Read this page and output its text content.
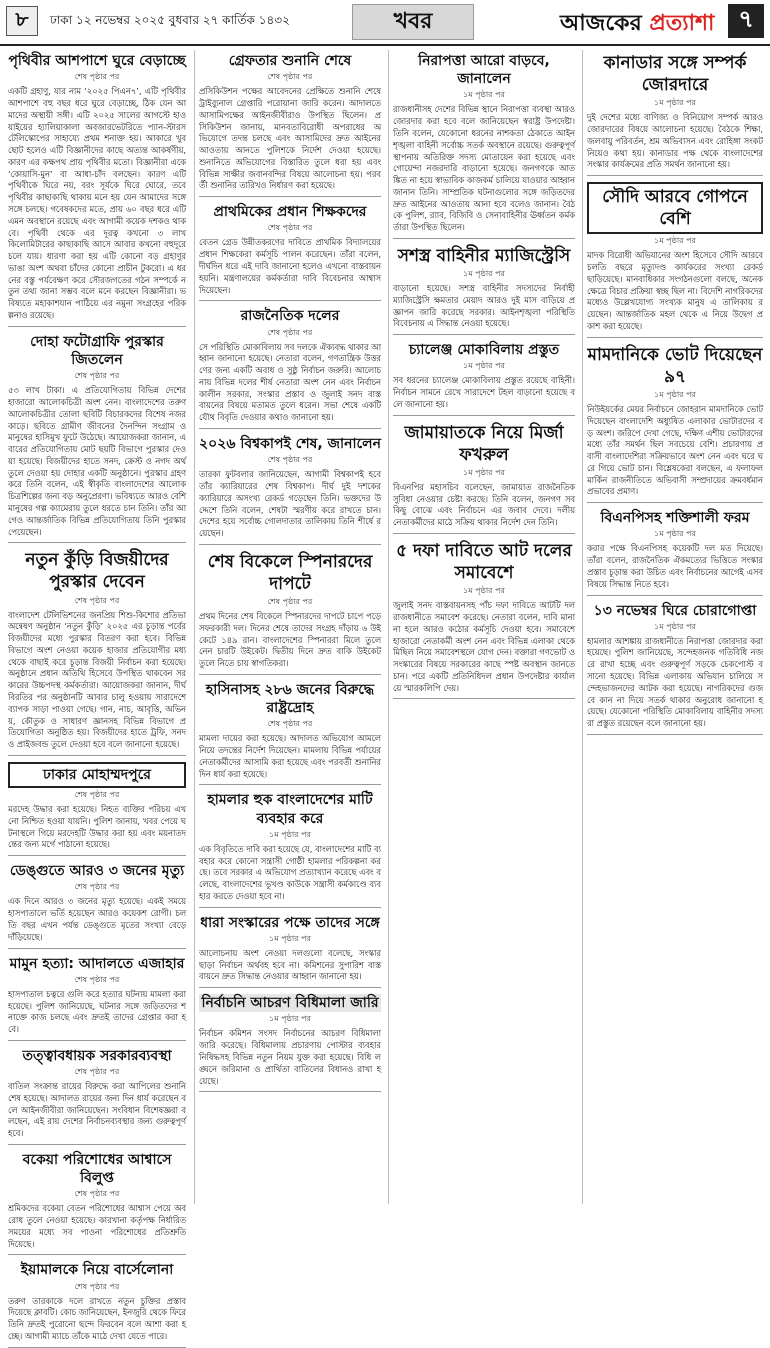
৮	ঢাকা ১২ নভেম্বর ২০২৫ বুধবার ২৭ কার্তিক ১৪৩২	খবর	আজকের প্রত্যাশা ৭
পৃথিবীর আশপাশে ঘুরে বেড়াচ্ছে
শেষ পৃষ্ঠার পর
একটি গ্রহাণু, যার নাম ‘২০২৫ পিএন৭’, এটি পৃথিবীর আশপাশে বহু বছর ধরে ঘুরে বেড়াচ্ছে, ঠিক যেন আমাদের অস্থায়ী সঙ্গী। এটি ২০২৫ সালের আগস্টে হাওয়াইয়ের হ্যালিয়াকালা অবজারভেটরিতে প্যান-স্টারস টেলিস্কোপের সাহায্যে প্রথম শনাক্ত হয়। আকারে খুব ছোট হলেও এটি বিজ্ঞানীদের কাছে অত্যন্ত আকর্ষণীয়, কারণ এর কক্ষপথ প্রায় পৃথিবীর মতো। বিজ্ঞানীরা একে ‘কোয়াসি-মুন’ বা আধা-চাঁদ বলছেন। কারণ এটি পৃথিবীকে ঘিরে নয়, বরং সূর্যকে ঘিরে ঘোরে, তবে পৃথিবীর কাছাকাছি থাকায় মনে হয় যেন আমাদের সঙ্গে সঙ্গে চলছে। গবেষকদের মতে, প্রায় ৬০ বছর ধরে এটি এমন অবস্থানে রয়েছে এবং আগামী কয়েক দশকও থাকবে। পৃথিবী থেকে এর দূরত্ব কখনো ৩ লাখ কিলোমিটারের কাছাকাছি আসে আবার কখনো বহুদূরে চলে যায়। ধারণা করা হয় এটি কোনো বড় গ্রহাণুর ভাঙা অংশ অথবা চাঁদের কোনো প্রাচীন টুকরো। এ ধরনের বস্তু পর্যবেক্ষণ করে সৌরজগতের গঠন সম্পর্কে নতুন তথ্য জানা সম্ভব বলে মনে করছেন বিজ্ঞানীরা। ভবিষ্যতে মহাকাশযান পাঠিয়ে এর নমুনা সংগ্রহের পরিকল্পনাও রয়েছে।
দোহা ফটোগ্রাফি পুরস্কার জিতলেন
শেষ পৃষ্ঠার পর
৫৩ লাখ টাকা। এ প্রতিযোগিতায় বিভিন্ন দেশের হাজারো আলোকচিত্রী অংশ নেন। বাংলাদেশের তরুণ আলোকচিত্রীর তোলা ছবিটি বিচারকদের বিশেষ নজর কাড়ে। ছবিতে গ্রামীণ জীবনের দৈনন্দিন সংগ্রাম ও মানুষের হাসিমুখ ফুটে উঠেছে। আয়োজকরা জানান, এবারের প্রতিযোগিতায় মোট ছয়টি বিভাগে পুরস্কার দেওয়া হয়েছে। বিজয়ীদের হাতে সনদ, ক্রেস্ট ও নগদ অর্থ তুলে দেওয়া হয় দোহার একটি অনুষ্ঠানে। পুরস্কার গ্রহণ করে তিনি বলেন, এই স্বীকৃতি বাংলাদেশের আলোকচিত্রশিল্পের জন্য বড় অনুপ্রেরণা। ভবিষ্যতে আরও বেশি মানুষের গল্প ক্যামেরায় তুলে ধরতে চান তিনি। তাঁর আগেও আন্তর্জাতিক বিভিন্ন প্রতিযোগিতায় তিনি পুরস্কার পেয়েছেন।
নতুন কুঁড়ি বিজয়ীদের পুরস্কার দেবেন
শেষ পৃষ্ঠার পর
বাংলাদেশ টেলিভিশনের জনপ্রিয় শিশু-কিশোর প্রতিভা অন্বেষণ অনুষ্ঠান ‘নতুন কুঁড়ি’ ২০২৫ এর চূড়ান্ত পর্বের বিজয়ীদের মধ্যে পুরস্কার বিতরণ করা হবে। বিভিন্ন বিভাগে অংশ নেওয়া কয়েক হাজার প্রতিযোগীর মধ্য থেকে বাছাই করে চূড়ান্ত বিজয়ী নির্বাচন করা হয়েছে। অনুষ্ঠানে প্রধান অতিথি হিসেবে উপস্থিত থাকবেন সরকারের উচ্চপদস্থ কর্মকর্তারা। আয়োজকরা জানান, দীর্ঘ বিরতির পর অনুষ্ঠানটি আবার চালু হওয়ায় সারাদেশে ব্যাপক সাড়া পাওয়া গেছে। গান, নাচ, আবৃত্তি, অভিনয়, কৌতুক ও সাধারণ জ্ঞানসহ বিভিন্ন বিভাগে প্রতিযোগিতা অনুষ্ঠিত হয়। বিজয়ীদের হাতে ট্রফি, সনদ ও প্রাইজবন্ড তুলে দেওয়া হবে বলে জানানো হয়েছে।
ঢাকার মোহাম্মদপুরে
শেষ পৃষ্ঠার পর
মরদেহ উদ্ধার করা হয়েছে। নিহত ব্যক্তির পরিচয় এখনো নিশ্চিত হওয়া যায়নি। পুলিশ জানায়, খবর পেয়ে ঘটনাস্থলে গিয়ে মরদেহটি উদ্ধার করা হয় এবং ময়নাতদন্তের জন্য মর্গে পাঠানো হয়েছে।
ডেঙ্গুতে আরও ৩ জনের মৃত্যু
শেষ পৃষ্ঠার পর
এক দিনে আরও ৩ জনের মৃত্যু হয়েছে। একই সময়ে হাসপাতালে ভর্তি হয়েছেন আরও কয়েকশ রোগী। চলতি বছর এখন পর্যন্ত ডেঙ্গুতে মৃতের সংখ্যা বেড়ে দাঁড়িয়েছে।
মামুন হত্যা: আদালতে এজাহার
শেষ পৃষ্ঠার পর
হাসপাতাল চত্বরে গুলি করে হত্যার ঘটনায় মামলা করা হয়েছে। পুলিশ জানিয়েছে, ঘটনার সঙ্গে জড়িতদের শনাক্তে কাজ চলছে এবং দ্রুতই তাদের গ্রেপ্তার করা হবে।
তত্ত্বাবধায়ক সরকারব্যবস্থা
শেষ পৃষ্ঠার পর
বাতিল সংক্রান্ত রায়ের বিরুদ্ধে করা আপিলের শুনানি শেষ হয়েছে। আদালত রায়ের জন্য দিন ধার্য করেছেন বলে আইনজীবীরা জানিয়েছেন। সংবিধান বিশেষজ্ঞরা বলছেন, এই রায় দেশের নির্বাচনব্যবস্থার জন্য গুরুত্বপূর্ণ হবে।
বকেয়া পরিশোধের আশ্বাসে বিলুপ্ত
শেষ পৃষ্ঠার পর
শ্রমিকদের বকেয়া বেতন পরিশোধের আশ্বাস পেয়ে অবরোধ তুলে নেওয়া হয়েছে। কারখানা কর্তৃপক্ষ নির্ধারিত সময়ের মধ্যে সব পাওনা পরিশোধের প্রতিশ্রুতি দিয়েছে।
ইয়ামালকে নিয়ে বার্সেলোনা
শেষ পৃষ্ঠার পর
তরুণ তারকাকে দলে রাখতে নতুন চুক্তির প্রস্তাব দিয়েছে ক্লাবটি। কোচ জানিয়েছেন, ইনজুরি থেকে ফিরে তিনি দ্রুতই পুরোনো ছন্দে ফিরবেন বলে আশা করা হচ্ছে। আগামী ম্যাচে তাঁকে মাঠে দেখা যেতে পারে।
গ্রেফতার শুনানি শেষে
শেষ পৃষ্ঠার পর
প্রসিকিউশন পক্ষের আবেদনের প্রেক্ষিতে শুনানি শেষে ট্রাইব্যুনাল গ্রেপ্তারি পরোয়ানা জারি করেন। আদালতে আসামিপক্ষের আইনজীবীরাও উপস্থিত ছিলেন। প্রসিকিউশন জানায়, মানবতাবিরোধী অপরাধের অভিযোগে তদন্ত চলছে এবং আসামিদের দ্রুত আইনের আওতায় আনতে পুলিশকে নির্দেশ দেওয়া হয়েছে। শুনানিতে অভিযোগের বিস্তারিত তুলে ধরা হয় এবং বিভিন্ন সাক্ষীর জবানবন্দির বিষয়ে আলোচনা হয়। পরবর্তী শুনানির তারিখও নির্ধারণ করা হয়েছে।
প্রাথমিকের প্রধান শিক্ষকদের
শেষ পৃষ্ঠার পর
বেতন গ্রেড উন্নীতকরণের দাবিতে প্রাথমিক বিদ্যালয়ের প্রধান শিক্ষকেরা কর্মসূচি পালন করেছেন। তাঁরা বলেন, দীর্ঘদিন ধরে এই দাবি জানানো হলেও এখনো বাস্তবায়ন হয়নি। মন্ত্রণালয়ের কর্মকর্তারা দাবি বিবেচনার আশ্বাস দিয়েছেন।
রাজনৈতিক দলের
শেষ পৃষ্ঠার পর
সে পরিস্থিতি মোকাবিলায় সব দলকে ঐক্যবদ্ধ থাকার আহ্বান জানানো হয়েছে। নেতারা বলেন, গণতান্ত্রিক উত্তরণের জন্য একটি অবাধ ও সুষ্ঠু নির্বাচন জরুরি। আলোচনায় বিভিন্ন দলের শীর্ষ নেতারা অংশ নেন এবং নির্বাচনকালীন সরকার, সংস্কার প্রস্তাব ও জুলাই সনদ বাস্তবায়নের বিষয়ে মতামত তুলে ধরেন। সভা শেষে একটি যৌথ বিবৃতি দেওয়ার কথাও জানানো হয়।
২০২৬ বিশ্বকাপই শেষ, জানালেন
শেষ পৃষ্ঠার পর
তারকা ফুটবলার জানিয়েছেন, আগামী বিশ্বকাপই হবে তাঁর ক্যারিয়ারের শেষ বিশ্বকাপ। দীর্ঘ দুই দশকের ক্যারিয়ারে অসংখ্য রেকর্ড গড়েছেন তিনি। ভক্তদের উদ্দেশে তিনি বলেন, শেষটা স্মরণীয় করে রাখতে চান। দেশের হয়ে সর্বোচ্চ গোলদাতার তালিকায় তিনি শীর্ষে রয়েছেন।
শেষ বিকেলে স্পিনারদের দাপটে
শেষ পৃষ্ঠার পর
প্রথম দিনের শেষ বিকেলে স্পিনারদের দাপটে চাপে পড়ে সফরকারী দল। দিনের শেষে তাদের সংগ্রহ দাঁড়ায় ৬ উইকেটে ১৪৯ রান। বাংলাদেশের স্পিনাররা মিলে তুলে নেন চারটি উইকেট। দ্বিতীয় দিনে দ্রুত বাকি উইকেট তুলে নিতে চায় স্বাগতিকরা।
হাসিনাসহ ২৮৬ জনের বিরুদ্ধে রাষ্ট্রদ্রোহ
শেষ পৃষ্ঠার পর
মামলা দায়ের করা হয়েছে। আদালত অভিযোগ আমলে নিয়ে তদন্তের নির্দেশ দিয়েছেন। মামলায় বিভিন্ন পর্যায়ের নেতাকর্মীদের আসামি করা হয়েছে এবং পরবর্তী শুনানির দিন ধার্য করা হয়েছে।
হামলার হুক বাংলাদেশের মাটি ব্যবহার করে
১ম পৃষ্ঠার পর
এক বিবৃতিতে দাবি করা হয়েছে যে, বাংলাদেশের মাটি ব্যবহার করে কোনো সন্ত্রাসী গোষ্ঠী হামলার পরিকল্পনা করছে। তবে সরকার এ অভিযোগ প্রত্যাখ্যান করেছে এবং বলেছে, বাংলাদেশের ভূখণ্ড কাউকে সন্ত্রাসী কর্মকাণ্ডে ব্যবহার করতে দেওয়া হবে না।
ধারা সংস্কারের পক্ষে তাদের সঙ্গে
১ম পৃষ্ঠার পর
আলোচনায় অংশ নেওয়া দলগুলো বলেছে, সংস্কার ছাড়া নির্বাচন অর্থবহ হবে না। কমিশনের সুপারিশ বাস্তবায়নে দ্রুত সিদ্ধান্ত নেওয়ার আহ্বান জানানো হয়।
নির্বাচনি আচরণ বিধিমালা জারি
১ম পৃষ্ঠার পর
নির্বাচন কমিশন সংসদ নির্বাচনের আচরণ বিধিমালা জারি করেছে। বিধিমালায় প্রচারণায় পোস্টার ব্যবহার নিষিদ্ধসহ বিভিন্ন নতুন নিয়ম যুক্ত করা হয়েছে। বিধি লঙ্ঘনে জরিমানা ও প্রার্থিতা বাতিলের বিধানও রাখা হয়েছে।
নিরাপত্তা আরো বাড়বে, জানালেন
১ম পৃষ্ঠার পর
রাজধানীসহ দেশের বিভিন্ন স্থানে নিরাপত্তা ব্যবস্থা আরও জোরদার করা হবে বলে জানিয়েছেন স্বরাষ্ট্র উপদেষ্টা। তিনি বলেন, যেকোনো ধরনের নাশকতা ঠেকাতে আইনশৃঙ্খলা বাহিনী সর্বোচ্চ সতর্ক অবস্থানে রয়েছে। গুরুত্বপূর্ণ স্থাপনায় অতিরিক্ত সদস্য মোতায়েন করা হয়েছে এবং গোয়েন্দা নজরদারি বাড়ানো হয়েছে। জনগণকে আতঙ্কিত না হয়ে স্বাভাবিক কাজকর্ম চালিয়ে যাওয়ার আহ্বান জানান তিনি। সাম্প্রতিক ঘটনাগুলোর সঙ্গে জড়িতদের দ্রুত আইনের আওতায় আনা হবে বলেও জানান। বৈঠকে পুলিশ, র‍্যাব, বিজিবি ও সেনাবাহিনীর ঊর্ধ্বতন কর্মকর্তারা উপস্থিত ছিলেন।
সশস্ত্র বাহিনীর ম্যাজিস্ট্রেসি
১ম পৃষ্ঠার পর
বাড়ানো হয়েছে। সশস্ত্র বাহিনীর সদস্যদের নির্বাহী ম্যাজিস্ট্রেসি ক্ষমতার মেয়াদ আরও দুই মাস বাড়িয়ে প্রজ্ঞাপন জারি করেছে সরকার। আইনশৃঙ্খলা পরিস্থিতি বিবেচনায় এ সিদ্ধান্ত নেওয়া হয়েছে।
চ্যালেঞ্জ মোকাবিলায় প্রস্তুত
১ম পৃষ্ঠার পর
সব ধরনের চ্যালেঞ্জ মোকাবিলায় প্রস্তুত রয়েছে বাহিনী। নির্বাচন সামনে রেখে সারাদেশে টহল বাড়ানো হয়েছে বলে জানানো হয়।
জামায়াতকে নিয়ে মির্জা ফখরুল
১ম পৃষ্ঠার পর
বিএনপির মহাসচিব বলেছেন, জামায়াত রাজনৈতিক সুবিধা নেওয়ার চেষ্টা করছে। তিনি বলেন, জনগণ সবকিছু বোঝে এবং নির্বাচনে এর জবাব দেবে। দলীয় নেতাকর্মীদের মাঠে সক্রিয় থাকার নির্দেশ দেন তিনি।
৫ দফা দাবিতে আট দলের সমাবেশে
১ম পৃষ্ঠার পর
জুলাই সনদ বাস্তবায়নসহ পাঁচ দফা দাবিতে আটটি দল রাজধানীতে সমাবেশ করেছে। নেতারা বলেন, দাবি মানা না হলে আরও কঠোর কর্মসূচি দেওয়া হবে। সমাবেশে হাজারো নেতাকর্মী অংশ নেন এবং বিভিন্ন এলাকা থেকে মিছিল নিয়ে সমাবেশস্থলে যোগ দেন। বক্তারা গণভোট ও সংস্কারের বিষয়ে সরকারের কাছে স্পষ্ট অবস্থান জানতে চান। পরে একটি প্রতিনিধিদল প্রধান উপদেষ্টার কার্যালয়ে স্মারকলিপি দেয়।
কানাডার সঙ্গে সম্পর্ক জোরদারে
১ম পৃষ্ঠার পর
দুই দেশের মধ্যে বাণিজ্য ও বিনিয়োগ সম্পর্ক আরও জোরদারের বিষয়ে আলোচনা হয়েছে। বৈঠকে শিক্ষা, জলবায়ু পরিবর্তন, শ্রম অভিবাসন এবং রোহিঙ্গা সংকট নিয়েও কথা হয়। কানাডার পক্ষ থেকে বাংলাদেশের সংস্কার কার্যক্রমের প্রতি সমর্থন জানানো হয়।
সৌদি আরবে গোপনে বেশি
১ম পৃষ্ঠার পর
মাদক বিরোধী অভিযানের অংশ হিসেবে সৌদি আরবে চলতি বছরে মৃত্যুদণ্ড কার্যকরের সংখ্যা রেকর্ড ছাড়িয়েছে। মানবাধিকার সংগঠনগুলো বলছে, অনেক ক্ষেত্রে বিচার প্রক্রিয়া স্বচ্ছ ছিল না। বিদেশি নাগরিকদের মধ্যেও উল্লেখযোগ্য সংখ্যক মানুষ এ তালিকায় রয়েছেন। আন্তর্জাতিক মহল থেকে এ নিয়ে উদ্বেগ প্রকাশ করা হয়েছে।
মামদানিকে ভোট দিয়েছেন ৯৭
১ম পৃষ্ঠার পর
নিউইয়র্কের মেয়র নির্বাচনে জোহরান মামদানিকে ভোট দিয়েছেন বাংলাদেশি অধ্যুষিত এলাকার ভোটারদের বড় অংশ। জরিপে দেখা গেছে, দক্ষিণ এশীয় ভোটারদের মধ্যে তাঁর সমর্থন ছিল সবচেয়ে বেশি। প্রচারণায় প্রবাসী বাংলাদেশিরা সক্রিয়ভাবে অংশ নেন এবং ঘরে ঘরে গিয়ে ভোট চান। বিশ্লেষকেরা বলছেন, এ ফলাফল মার্কিন রাজনীতিতে অভিবাসী সম্প্রদায়ের ক্রমবর্ধমান প্রভাবের প্রমাণ।
বিএনপিসহ শক্তিশালী ফরম
১ম পৃষ্ঠার পর
করার পক্ষে বিএনপিসহ কয়েকটি দল মত দিয়েছে। তাঁরা বলেন, রাজনৈতিক ঐকমত্যের ভিত্তিতে সংস্কার প্রস্তাব চূড়ান্ত করা উচিত এবং নির্বাচনের আগেই এসব বিষয়ে সিদ্ধান্ত নিতে হবে।
১৩ নভেম্বর ঘিরে চোরাগোপ্তা
১ম পৃষ্ঠার পর
হামলার আশঙ্কায় রাজধানীতে নিরাপত্তা জোরদার করা হয়েছে। পুলিশ জানিয়েছে, সন্দেহজনক গতিবিধি নজরে রাখা হচ্ছে এবং গুরুত্বপূর্ণ সড়কে চেকপোস্ট বসানো হয়েছে। বিভিন্ন এলাকায় অভিযান চালিয়ে সন্দেহভাজনদের আটক করা হয়েছে। নাগরিকদের গুজবে কান না দিয়ে সতর্ক থাকার অনুরোধ জানানো হয়েছে। যেকোনো পরিস্থিতি মোকাবিলায় বাহিনীর সদস্যরা প্রস্তুত রয়েছেন বলে জানানো হয়।
